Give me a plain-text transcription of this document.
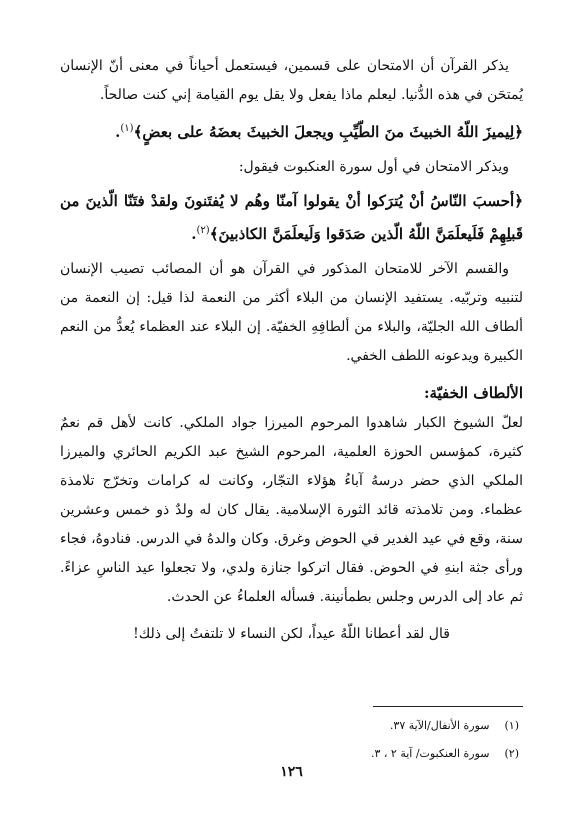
يذكر القرآن أن الامتحان على قسمين، فيستعمل أحياناً في معنى أنّ الإنسان يُمتحَن في هذه الدُّنيا. ليعلم ماذا يفعل ولا يقل يوم القيامة إني كنت صالحاً.

﴿لِيميزَ اللّهُ الخبيثَ منَ الطّيِّبِ ويجعلَ الخبيثَ بعضَهُ على بعضٍ﴾$^{(١)}$.

ويذكر الامتحان في أول سورة العنكبوت فيقول:

﴿أحسبَ النّاسُ أنْ يُترَكوا أنْ يقولوا آمنّا وهُم لا يُفتَنونَ ولقدْ فتَنّا الّذينَ من قَبلِهِمْ فَلَيعلَمَنَّ اللّهُ الّذين صَدَقوا وَلَيعلَمَنَّ الكاذبينَ﴾$^{(٢)}$.

والقسم الآخر للامتحان المذكور في القرآن هو أن المصائب تصيب الإنسان لتنبيه وتربّيه. يستفيد الإنسان من البلاء أكثر من النعمة لذا قيل: إن النعمة من ألطاف الله الجليّة، والبلاء من ألطافِهِ الخفيّة. إن البلاء عند العظماء يُعدُّ من النعم الكبيرة ويدعونه اللطف الخفي.

الألطاف الخفيّة:

لعلّ الشيوخ الكبار شاهدوا المرحوم الميرزا جواد الملكي. كانت لأهل قم نعمٌ كثيرة، كمؤسس الحوزة العلمية، المرحوم الشيخ عبد الكريم الحائري والميرزا الملكي الذي حضر درسهُ آباءُ هؤلاء التجّار، وكانت له كرامات وتخرّج تلامذة عظماء. ومن تلامذته قائد الثورة الإسلامية. يقال كان له ولدٌ ذو خمس وعشرين سنة، وقع في عيد الغدير في الحوض وغرق. وكان والدهُ في الدرس. فنادوهُ، فجاء ورأى جثة ابنهِ في الحوض. فقال اتركوا جنازة ولدي، ولا تجعلوا عيد الناسِ عزاءً. ثم عاد إلى الدرس وجلس بطمأنينة. فسأله العلماءُ عن الحدث.

قال لقد أعطانا اللّهُ عيداً، لكن النساء لا تلتفتُ إلى ذلك!

(١) سورة الأنفال/الآية ٣٧.
(٢) سورة العنكبوت/ آية ٢ ، ٣.
١٢٦
